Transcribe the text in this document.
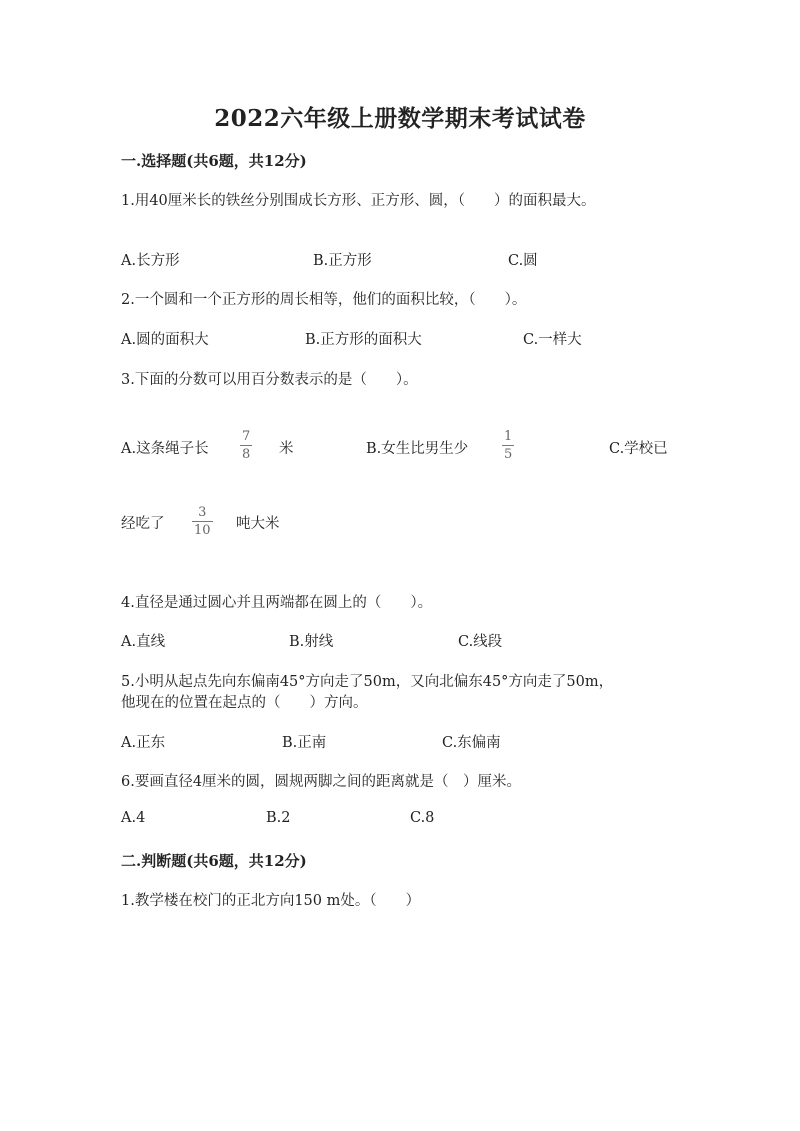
2022六年级上册数学期末考试试卷
一.选择题(共6题，共12分)
1.用40厘米长的铁丝分别围成长方形、正方形、圆，（　　）的面积最大。
A.长方形	B.正方形	C.圆
2.一个圆和一个正方形的周长相等，他们的面积比较，（　　）。
A.圆的面积大	B.正方形的面积大	C.一样大
3.下面的分数可以用百分数表示的是（　　）。
A.这条绳子长
7
8 米	B.女生比男生少
1
5	C.学校已
经吃了
3
10 吨大米
4.直径是通过圆心并且两端都在圆上的（　　）。
A.直线	B.射线	C.线段
5.小明从起点先向东偏南45°方向走了50m，又向北偏东45°方向走了50m，
他现在的位置在起点的（　　）方向。
A.正东	B.正南	C.东偏南
6.要画直径4厘米的圆，圆规两脚之间的距离就是（　）厘米。
A.4	B.2	C.8
二.判断题(共6题，共12分)
1.教学楼在校门的正北方向150 m处。（　　）
